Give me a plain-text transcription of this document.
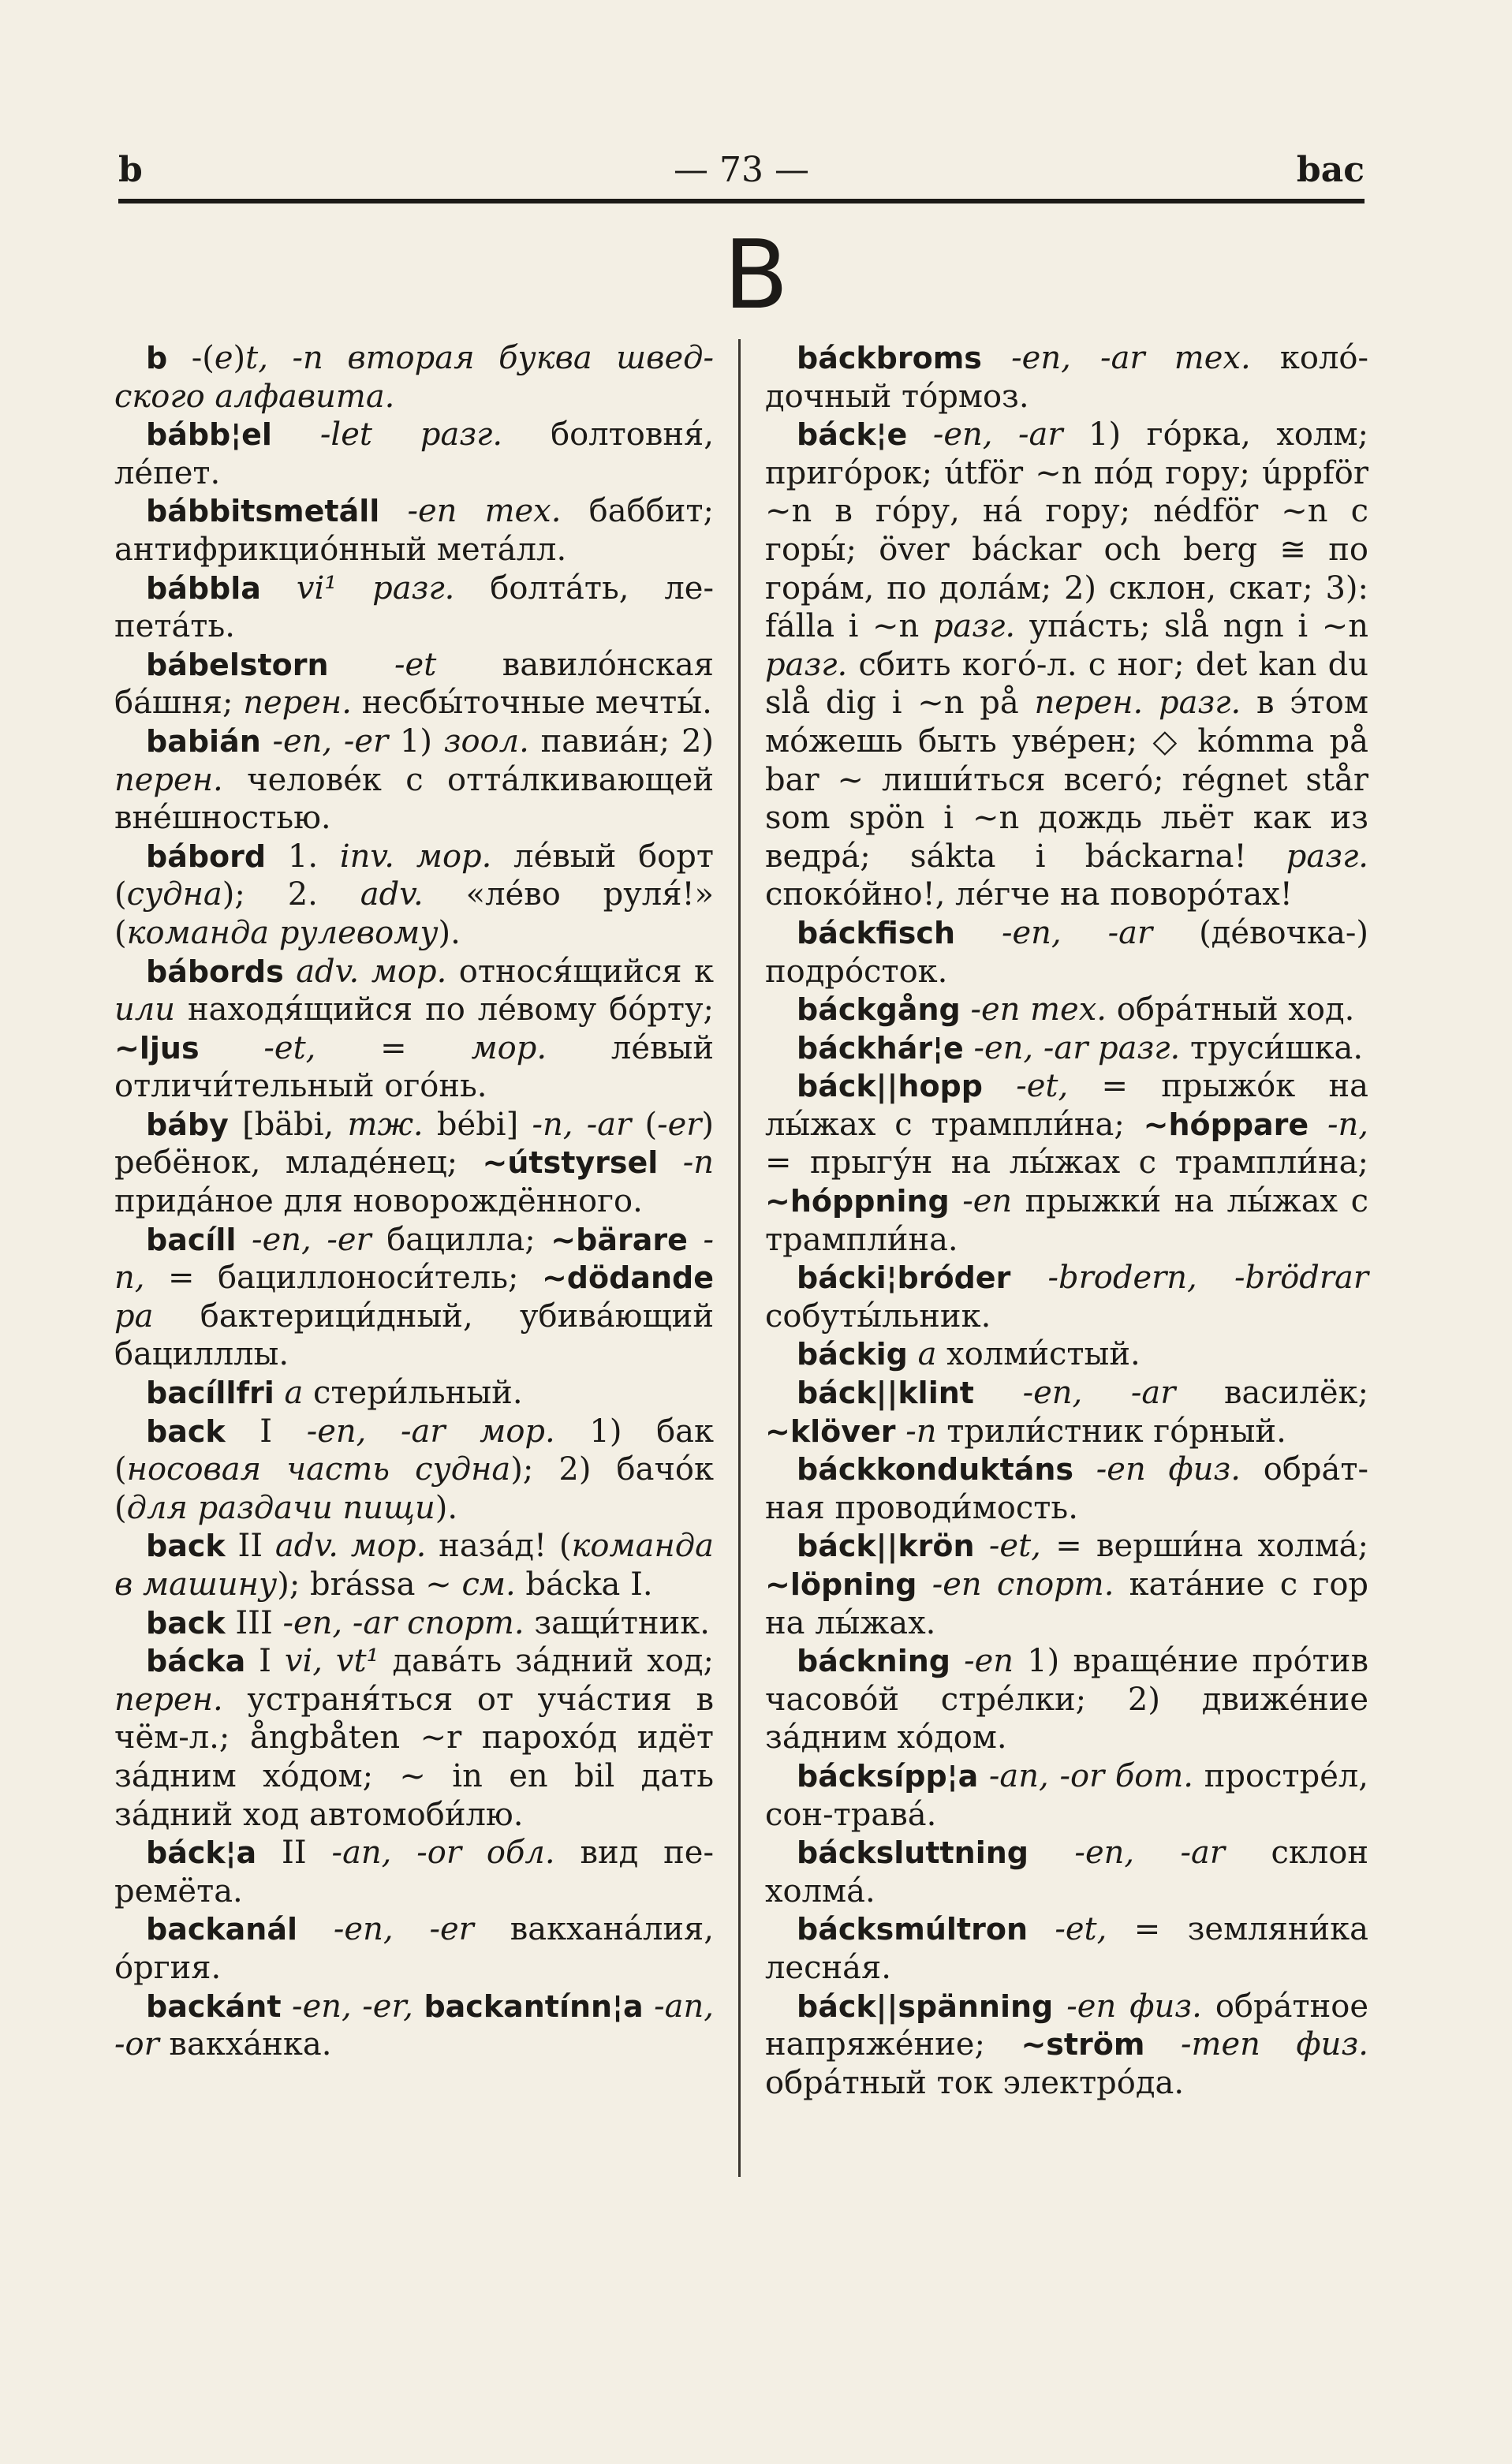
— 73 —
b	bac
B

b -(e)t, -n вторая буква шведского алфавита.

bább¦el -let разг. болтовня́, ле́пет.

bábbitsmetáll -en тех. баббит; антифрикцио́нный мета́лл.

bábbla vi¹ разг. болта́ть, лепета́ть.

bábelstorn -et вавило́нская ба́шня; перен. несбы́точные мечты́.

babián -en, -er 1) зоол. павиа́н; 2) перен. челове́к с отта́лкивающей вне́шностью.

bábord 1. inv. мор. ле́вый борт (судна); 2. adv. «ле́во руля́!» (команда рулевому).

bábords adv. мор. относя́щийся к или находя́щийся по ле́вому бо́рту; ~ljus -et, = мор. ле́вый отличи́тельный ого́нь.

báby [bäbi, тж. bébi] -n, -ar (-er) ребёнок, младе́нец; ~útstyrsel -n прида́ное для новорождённого.

bacíll -en, -er бацилла; ~bärare -n, = бациллоноси́тель; ~dödande pa бактерици́дный, убива́ющий бацилллы.

bacíllfri a стери́льный.

back I -en, -ar мор. 1) бак (носовая часть судна); 2) бачо́к (для раздачи пищи).

back II adv. мор. наза́д! (команда в машину); brássa ~ см. bácka I.

back III -en, -ar спорт. защи́тник.

bácka I vi, vt¹ дава́ть за́дний ход; перен. устраня́ться от уча́стия в чём-л.; ångbåten ~r парохо́д идёт за́дним хо́дом; ~ in en bil дать за́дний ход автомоби́лю.

báck¦a II -an, -or обл. вид перемёта.

backanál -en, -er вакхана́лия, о́ргия.

backánt -en, -er, backantínn¦a -an, -or вакха́нка.

báckbroms -en, -ar тех. коло́дочный то́рмоз.

báck¦e -en, -ar 1) го́рка, холм; приго́рок; útför ~n по́д гору; úppför ~n в го́ру, на́ гору; nédför ~n с горы́; över báckar och berg ≅ по гора́м, по дола́м; 2) склон, скат; 3): fálla i ~n разг. упа́сть; slå ngn i ~n разг. сбить кого́-л. с ног; det kan du slå dig i ~n på перен. разг. в э́том мо́жешь быть уве́рен; ◇ kómma på bar ~ лиши́ться всего́; régnet står som spön i ~n дождь льёт как из ведра́; sákta i báckarna! разг. споко́йно!, ле́гче на поворо́тах!

báckfisch -en, -ar (де́вочка-) подро́сток.

báckgång -en тех. обра́тный ход.

báckhár¦e -en, -ar разг. труси́шка.

báck||hopp -et, = прыжо́к на лы́жах с трампли́на; ~hóppare -n, = прыгу́н на лы́жах с трампли́на; ~hóppning -en прыжки́ на лы́жах с трампли́на.

bácki¦bróder -brodern, -brödrar собуты́льник.

báckig a холми́стый.

báck||klint -en, -ar василёк; ~klöver -n трили́стник го́рный.

báckkonduktáns -en физ. обра́тная проводи́мость.

báck||krön -et, = верши́на холма́; ~löpning -en спорт. ката́ние с гор на лы́жах.

báckning -en 1) враще́ние про́тив часово́й стре́лки; 2) движе́ние за́дним хо́дом.

bácksípp¦a -an, -or бот. простре́л, сон-трава́.

bácksluttning -en, -ar склон холма́.

bácksmúltron -et, = земляни́ка лесна́я.

báck||spänning -en физ. обра́тное напряже́ние; ~ström -men физ. обра́тный ток электро́да.
